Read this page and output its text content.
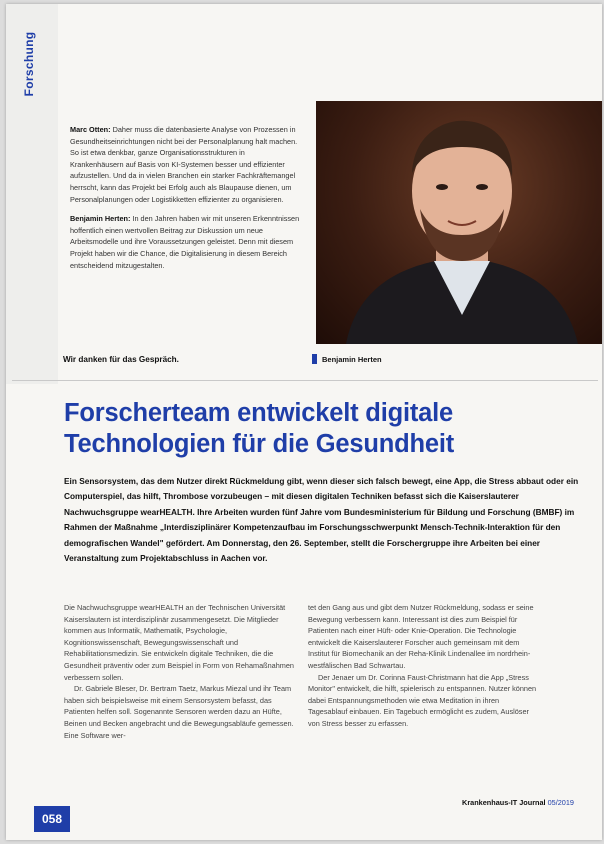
Forschung

Marc Otten: Daher muss die datenbasierte Analyse von Prozessen in Gesundheitseinrichtungen nicht bei der Personalplanung halt machen. So ist etwa denkbar, ganze Organisationsstrukturen in Krankenhäusern auf Basis von KI-Systemen besser und effizienter aufzustellen. Und da in vielen Branchen ein starker Fachkräftemangel herrscht, kann das Projekt bei Erfolg auch als Blaupause dienen, um Personalplanungen oder Logistikketten effizienter zu organisieren.

Benjamin Herten: In den Jahren haben wir mit unseren Erkenntnissen hoffentlich einen wertvollen Beitrag zur Diskussion um neue Arbeitsmodelle und ihre Voraussetzungen geleistet. Denn mit diesem Projekt haben wir die Chance, die Digitalisierung in diesem Bereich entscheidend mitzugestalten.

Wir danken für das Gespräch.	Benjamin Herten
Forscherteam entwickelt digitale
Technologien für die Gesundheit
Ein Sensorsystem, das dem Nutzer direkt Rückmeldung gibt, wenn dieser sich falsch bewegt, eine App, die Stress abbaut oder ein Computerspiel, das hilft, Thrombose vorzubeugen – mit diesen digitalen Techniken befasst sich die Kaiserslauterer Nachwuchsgruppe wearHEALTH. Ihre Arbeiten wurden fünf Jahre vom Bundesministerium für Bildung und Forschung (BMBF) im Rahmen der Maßnahme „Interdisziplinärer Kompetenzaufbau im Forschungsschwerpunkt Mensch-Technik-Interaktion für den demografischen Wandel" gefördert. Am Donnerstag, den 26. September, stellt die Forschergruppe ihre Arbeiten bei einer Veranstaltung zum Projektabschluss in Aachen vor.

Die Nachwuchsgruppe wearHEALTH an der Technischen Universität Kaiserslautern ist interdisziplinär zusammengesetzt. Die Mitglieder kommen aus Informatik, Mathematik, Psychologie, Kognitionswissenschaft, Bewegungswissenschaft und Rehabilitationsmedizin. Sie entwickeln digitale Techniken, die die Gesundheit präventiv oder zum Beispiel in Form von Rehamaßnahmen verbessern sollen.

Dr. Gabriele Bleser, Dr. Bertram Taetz, Markus Miezal und ihr Team haben sich beispielsweise mit einem Sensorsystem befasst, das Patienten helfen soll. Sogenannte Sensoren werden dazu an Hüfte, Beinen und Becken angebracht und die Bewegungsabläufe gemessen. Eine Software wer-

tet den Gang aus und gibt dem Nutzer Rückmeldung, sodass er seine Bewegung verbessern kann. Interessant ist dies zum Beispiel für Patienten nach einer Hüft- oder Knie-Operation. Die Technologie entwickelt die Kaiserslauterer Forscher auch gemeinsam mit dem Institut für Biomechanik an der Reha-Klinik Lindenallee im nordrhein-westfälischen Bad Schwartau.

Der Jenaer um Dr. Corinna Faust-Christmann hat die App „Stress Monitor" entwickelt, die hilft, spielerisch zu entspannen. Nutzer können dabei Entspannungsmethoden wie etwa Meditation in ihren Tagesablauf einbauen. Ein Tagebuch ermöglicht es zudem, Auslöser von Stress besser zu erfassen.

058
Krankenhaus-IT Journal 05/2019
